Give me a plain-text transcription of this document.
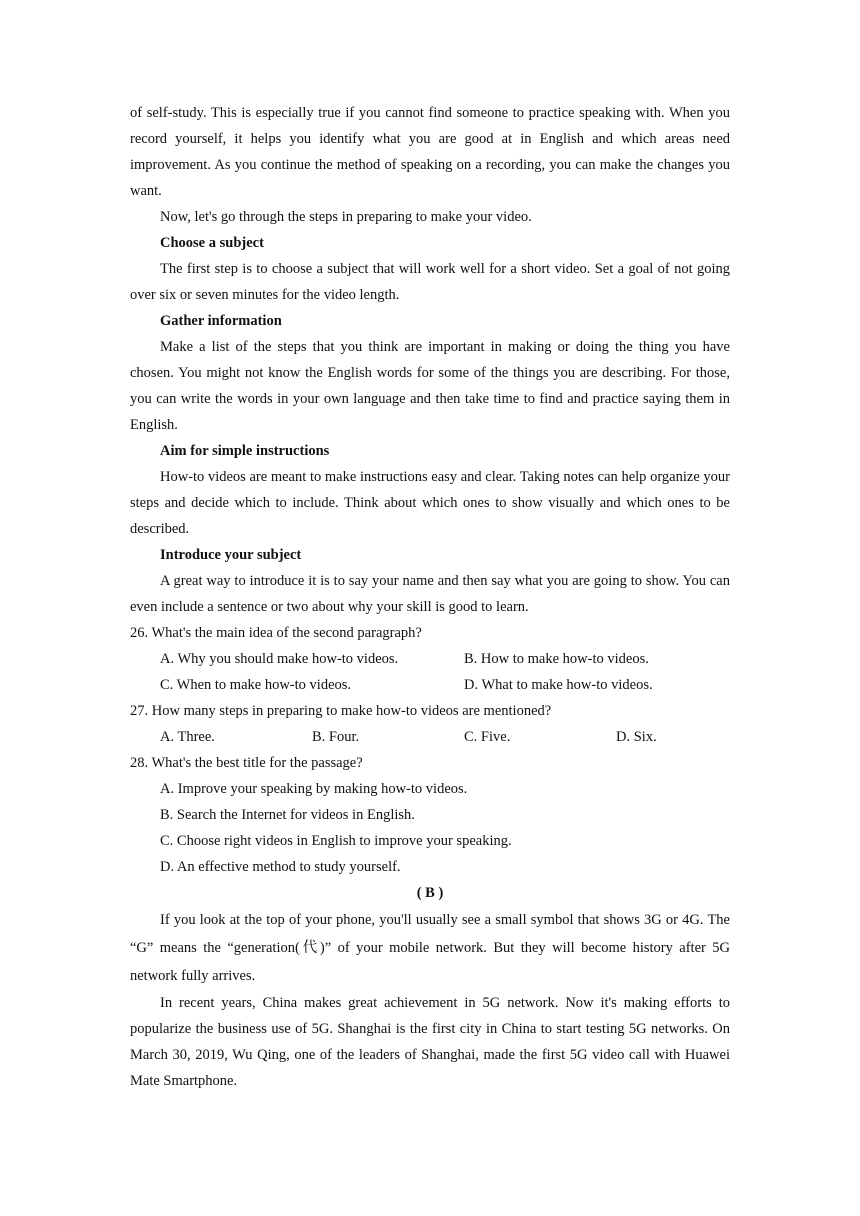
of self-study. This is especially true if you cannot find someone to practice speaking with. When you record yourself, it helps you identify what you are good at in English and which areas need improvement. As you continue the method of speaking on a recording, you can make the changes you want.

Now, let's go through the steps in preparing to make your video.

Choose a subject

The first step is to choose a subject that will work well for a short video. Set a goal of not going over six or seven minutes for the video length.

Gather information

Make a list of the steps that you think are important in making or doing the thing you have chosen. You might not know the English words for some of the things you are describing. For those, you can write the words in your own language and then take time to find and practice saying them in English.

Aim for simple instructions

How-to videos are meant to make instructions easy and clear. Taking notes can help organize your steps and decide which to include. Think about which ones to show visually and which ones to be described.

Introduce your subject

A great way to introduce it is to say your name and then say what you are going to show. You can even include a sentence or two about why your skill is good to learn.

26. What's the main idea of the second paragraph?

A. Why you should make how-to videos.	B. How to make how-to videos.
C. When to make how-to videos.	D. What to make how-to videos.

27. How many steps in preparing to make how-to videos are mentioned?

A. Three.	B. Four.	C. Five.	D. Six.

28. What's the best title for the passage?

A. Improve your speaking by making how-to videos.

B. Search the Internet for videos in English.

C. Choose right videos in English to improve your speaking.

D. An effective method to study yourself.

( B )

If you look at the top of your phone, you'll usually see a small symbol that shows 3G or 4G. The “G” means the “generation(代)” of your mobile network. But they will become history after 5G network fully arrives.

In recent years, China makes great achievement in 5G network. Now it's making efforts to popularize the business use of 5G. Shanghai is the first city in China to start testing 5G networks. On March 30, 2019, Wu Qing, one of the leaders of Shanghai, made the first 5G video call with Huawei Mate Smartphone.
